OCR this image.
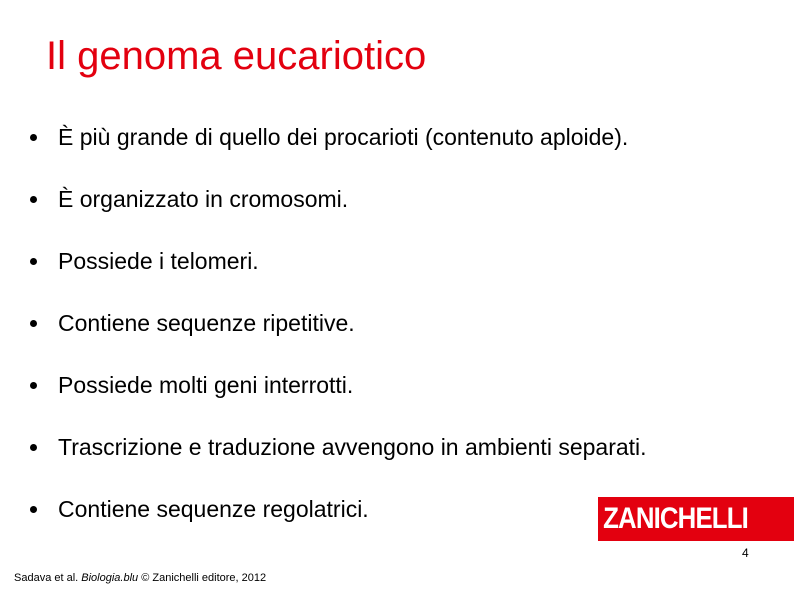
Il genoma eucariotico
È più grande di quello dei procarioti (contenuto aploide).
È organizzato in cromosomi.
Possiede i telomeri.
Contiene sequenze ripetitive.
Possiede molti geni interrotti.
Trascrizione e traduzione avvengono in ambienti separati.
Contiene sequenze regolatrici.	ZANICHELLI
4
Sadava et al. Biologia.blu © Zanichelli editore, 2012
